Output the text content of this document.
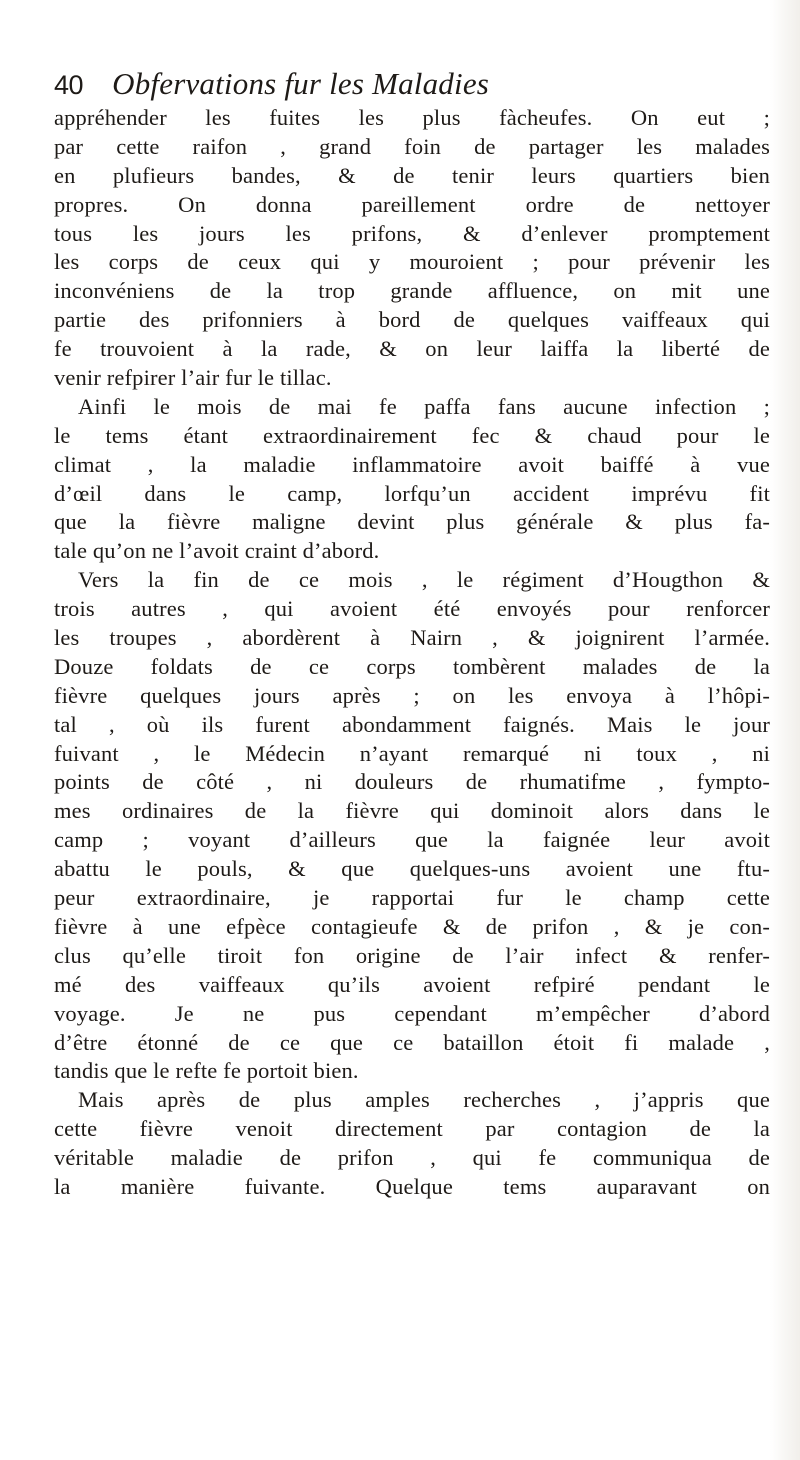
40 Obfervations fur les Maladies
appréhender les fuites les plus fàcheufes. On eut ;
par cette raifon , grand foin de partager les malades
en plufieurs bandes, & de tenir leurs quartiers bien
propres. On donna pareillement ordre de nettoyer
tous les jours les prifons, & d’enlever promptement
les corps de ceux qui y mouroient ; pour prévenir les
inconvéniens de la trop grande affluence, on mit une
partie des prifonniers à bord de quelques vaiffeaux qui
fe trouvoient à la rade, & on leur laiffa la liberté de
venir refpirer l’air fur le tillac.
Ainfi le mois de mai fe paffa fans aucune infection ;
le tems étant extraordinairement fec & chaud pour le
climat , la maladie inflammatoire avoit baiffé à vue
d’œil dans le camp, lorfqu’un accident imprévu fit
que la fièvre maligne devint plus générale & plus fa-
tale qu’on ne l’avoit craint d’abord.
Vers la fin de ce mois , le régiment d’Hougthon &
trois autres , qui avoient été envoyés pour renforcer
les troupes , abordèrent à Nairn , & joignirent l’armée.
Douze foldats de ce corps tombèrent malades de la
fièvre quelques jours après ; on les envoya à l’hôpi-
tal , où ils furent abondamment faignés. Mais le jour
fuivant , le Médecin n’ayant remarqué ni toux , ni
points de côté , ni douleurs de rhumatifme , fympto-
mes ordinaires de la fièvre qui dominoit alors dans le
camp ; voyant d’ailleurs que la faignée leur avoit
abattu le pouls, & que quelques-uns avoient une ftu-
peur extraordinaire, je rapportai fur le champ cette
fièvre à une efpèce contagieufe & de prifon , & je con-
clus qu’elle tiroit fon origine de l’air infect & renfer-
mé des vaiffeaux qu’ils avoient refpiré pendant le
voyage. Je ne pus cependant m’empêcher d’abord
d’être étonné de ce que ce bataillon étoit fi malade ,
tandis que le refte fe portoit bien.
Mais après de plus amples recherches , j’appris que
cette fièvre venoit directement par contagion de la
véritable maladie de prifon , qui fe communiqua de
la manière fuivante. Quelque tems auparavant on
